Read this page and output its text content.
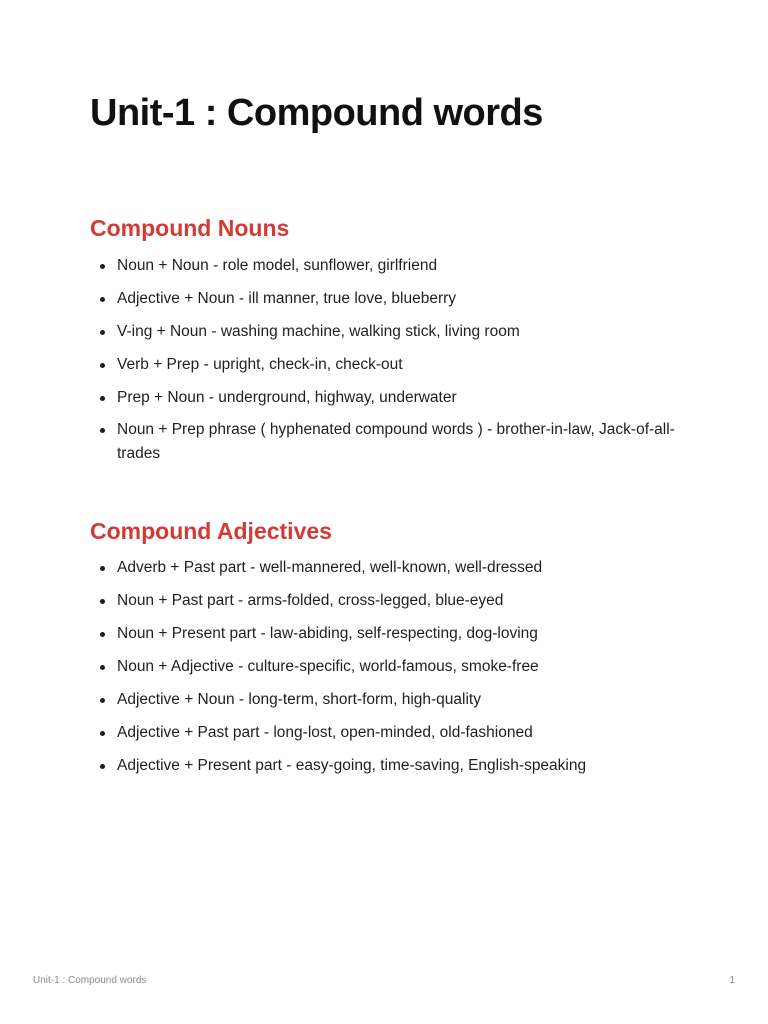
Unit-1 : Compound words
Compound Nouns
Noun + Noun - role model, sunflower, girlfriend
Adjective + Noun - ill manner, true love, blueberry
V-ing + Noun - washing machine, walking stick, living room
Verb + Prep - upright, check-in, check-out
Prep + Noun - underground, highway, underwater
Noun + Prep phrase ( hyphenated compound words ) - brother-in-law, Jack-of-all-trades
Compound Adjectives
Adverb + Past part - well-mannered, well-known, well-dressed
Noun + Past part - arms-folded, cross-legged, blue-eyed
Noun + Present part - law-abiding, self-respecting, dog-loving
Noun + Adjective - culture-specific, world-famous, smoke-free
Adjective + Noun - long-term, short-form, high-quality
Adjective + Past part - long-lost, open-minded, old-fashioned
Adjective + Present part - easy-going, time-saving, English-speaking
Unit-1 : Compound words	1
